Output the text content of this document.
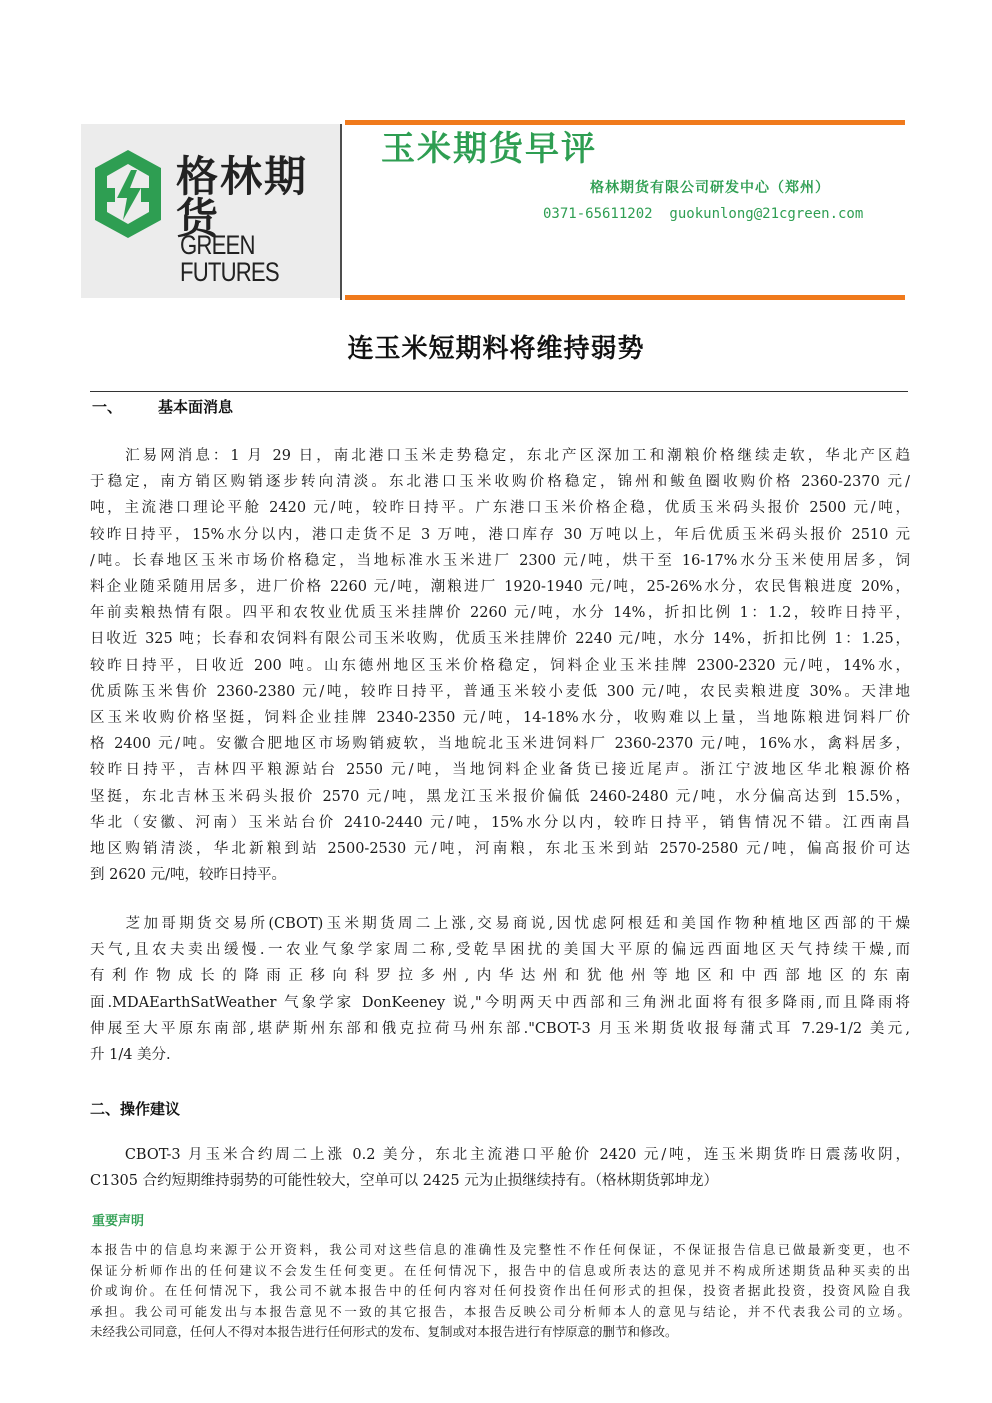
格林期货
GREEN FUTURES
玉米期货早评
格林期货有限公司研发中心（郑州）
0371-65611202  guokunlong@21cgreen.com
连玉米短期料将维持弱势
一、 基本面消息
　　汇易网消息：1 月 29 日，南北港口玉米走势稳定，东北产区深加工和潮粮价格继续走软，华北产区趋
于稳定，南方销区购销逐步转向清淡。东北港口玉米收购价格稳定，锦州和鲅鱼圈收购价格 2360-2370 元/
吨，主流港口理论平舱 2420 元/吨，较昨日持平。广东港口玉米价格企稳，优质玉米码头报价 2500 元/吨，
较昨日持平，15%水分以内，港口走货不足 3 万吨，港口库存 30 万吨以上，年后优质玉米码头报价 2510 元
/吨。长春地区玉米市场价格稳定，当地标准水玉米进厂 2300 元/吨，烘干至 16-17%水分玉米使用居多，饲
料企业随采随用居多，进厂价格 2260 元/吨，潮粮进厂 1920-1940 元/吨，25-26%水分，农民售粮进度 20%，
年前卖粮热情有限。四平和农牧业优质玉米挂牌价 2260 元/吨，水分 14%，折扣比例 1：1.2，较昨日持平，
日收近 325 吨；长春和农饲料有限公司玉米收购，优质玉米挂牌价 2240 元/吨，水分 14%，折扣比例 1：1.25，
较昨日持平，日收近 200 吨。山东德州地区玉米价格稳定，饲料企业玉米挂牌 2300-2320 元/吨，14%水，
优质陈玉米售价 2360-2380 元/吨，较昨日持平，普通玉米较小麦低 300 元/吨，农民卖粮进度 30%。天津地
区玉米收购价格坚挺，饲料企业挂牌 2340-2350 元/吨，14-18%水分，收购难以上量，当地陈粮进饲料厂价
格 2400 元/吨。安徽合肥地区市场购销疲软，当地皖北玉米进饲料厂 2360-2370 元/吨，16%水，禽料居多，
较昨日持平，吉林四平粮源站台 2550 元/吨，当地饲料企业备货已接近尾声。浙江宁波地区华北粮源价格
坚挺，东北吉林玉米码头报价 2570 元/吨，黑龙江玉米报价偏低 2460-2480 元/吨，水分偏高达到 15.5%，
华北（安徽、河南）玉米站台价 2410-2440 元/吨，15%水分以内，较昨日持平，销售情况不错。江西南昌
地区购销清淡，华北新粮到站 2500-2530 元/吨，河南粮，东北玉米到站 2570-2580 元/吨，偏高报价可达
到 2620 元/吨，较昨日持平。
　　芝加哥期货交易所(CBOT)玉米期货周二上涨,交易商说,因忧虑阿根廷和美国作物种植地区西部的干燥
天气,且农夫卖出缓慢.一农业气象学家周二称,受乾旱困扰的美国大平原的偏远西面地区天气持续干燥,而
有利作物成长的降雨正移向科罗拉多州,内华达州和犹他州等地区和中西部地区的东南
面.MDAEarthSatWeather 气象学家 DonKeeney 说,"今明两天中西部和三角洲北面将有很多降雨,而且降雨将
伸展至大平原东南部,堪萨斯州东部和俄克拉荷马州东部."CBOT-3 月玉米期货收报每蒲式耳 7.29-1/2 美元,
升 1/4 美分.
二、操作建议
　　CBOT-3 月玉米合约周二上涨 0.2 美分，东北主流港口平舱价 2420 元/吨，连玉米期货昨日震荡收阴，
C1305 合约短期维持弱势的可能性较大，空单可以 2425 元为止损继续持有。（格林期货郭坤龙）
重要声明
本报告中的信息均来源于公开资料，我公司对这些信息的准确性及完整性不作任何保证，不保证报告信息已做最新变更，也不
保证分析师作出的任何建议不会发生任何变更。在任何情况下，报告中的信息或所表达的意见并不构成所述期货品种买卖的出
价或询价。在任何情况下，我公司不就本报告中的任何内容对任何投资作出任何形式的担保，投资者据此投资，投资风险自我
承担。我公司可能发出与本报告意见不一致的其它报告，本报告反映公司分析师本人的意见与结论，并不代表我公司的立场。
未经我公司同意，任何人不得对本报告进行任何形式的发布、复制或对本报告进行有悖原意的删节和修改。
